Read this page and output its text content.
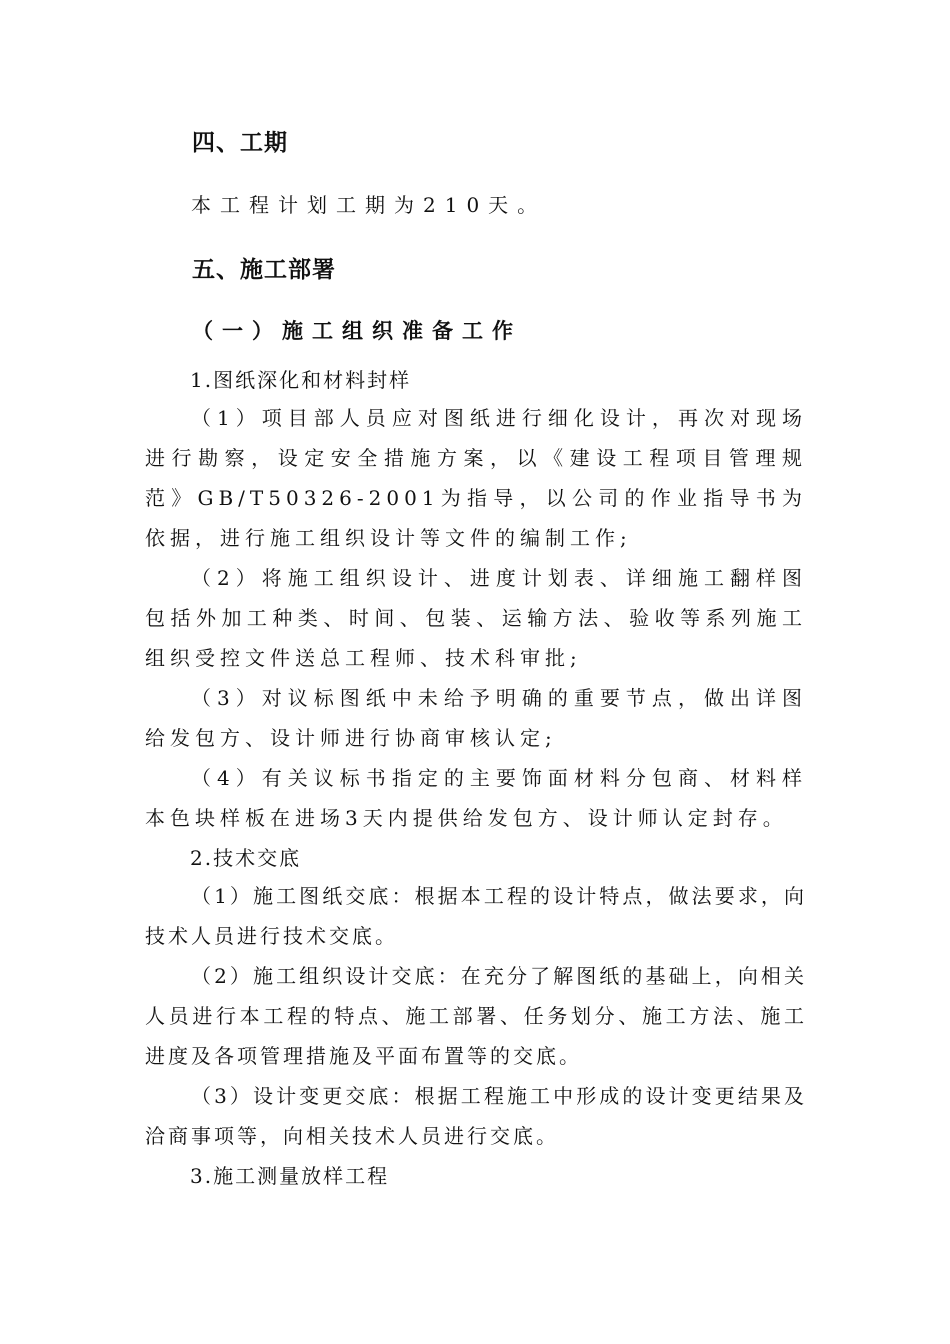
四、工期

本工程计划工期为210天。

五、施工部署
（一）施工组织准备工作

1.图纸深化和材料封样

（1）项目部人员应对图纸进行细化设计，再次对现场进行勘察，设定安全措施方案，以《建设工程项目管理规范》GB/T50326-2001为指导，以公司的作业指导书为依据，进行施工组织设计等文件的编制工作;

（2）将施工组织设计、进度计划表、详细施工翻样图包括外加工种类、时间、包装、运输方法、验收等系列施工组织受控文件送总工程师、技术科审批;

（3）对议标图纸中未给予明确的重要节点，做出详图给发包方、设计师进行协商审核认定;

（4）有关议标书指定的主要饰面材料分包商、材料样本色块样板在进场3天内提供给发包方、设计师认定封存。

2.技术交底

（1）施工图纸交底：根据本工程的设计特点，做法要求，向技术人员进行技术交底。

（2）施工组织设计交底：在充分了解图纸的基础上，向相关人员进行本工程的特点、施工部署、任务划分、施工方法、施工进度及各项管理措施及平面布置等的交底。

（3）设计变更交底：根据工程施工中形成的设计变更结果及洽商事项等，向相关技术人员进行交底。

3.施工测量放样工程
